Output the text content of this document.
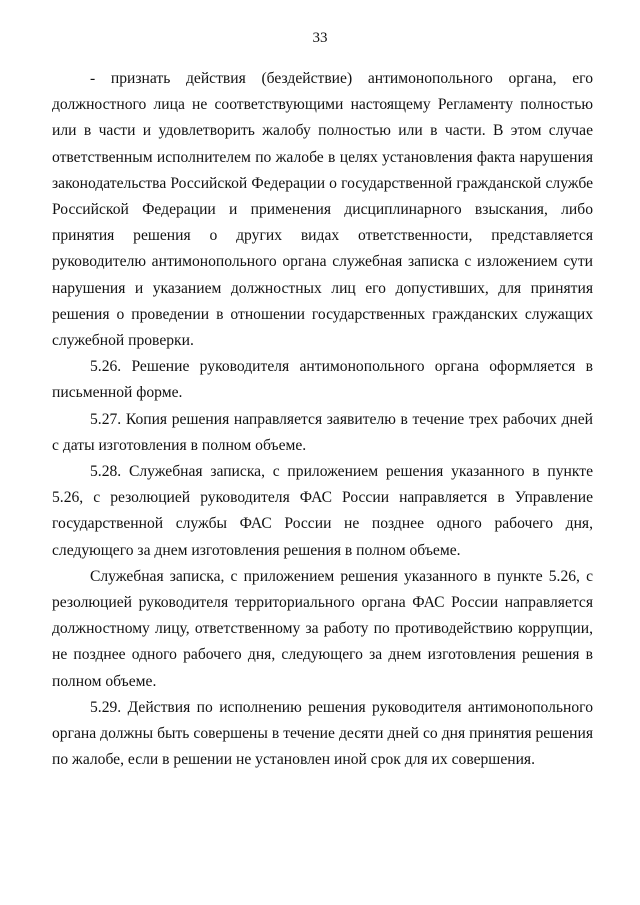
33

- признать действия (бездействие) антимонопольного органа, его должностного лица не соответствующими настоящему Регламенту полностью или в части и удовлетворить жалобу полностью или в части. В этом случае ответственным исполнителем по жалобе в целях установления факта нарушения законодательства Российской Федерации о государственной гражданской службе Российской Федерации и применения дисциплинарного взыскания, либо принятия решения о других видах ответственности, представляется руководителю антимонопольного органа служебная записка с изложением сути нарушения и указанием должностных лиц его допустивших, для принятия решения о проведении в отношении государственных гражданских служащих служебной проверки.

5.26. Решение руководителя антимонопольного органа оформляется в письменной форме.

5.27. Копия решения направляется заявителю в течение трех рабочих дней с даты изготовления в полном объеме.

5.28. Служебная записка, с приложением решения указанного в пункте 5.26, с резолюцией руководителя ФАС России направляется в Управление государственной службы ФАС России не позднее одного рабочего дня, следующего за днем изготовления решения в полном объеме.

Служебная записка, с приложением решения указанного в пункте 5.26, с резолюцией руководителя территориального органа ФАС России направляется должностному лицу, ответственному за работу по противодействию коррупции, не позднее одного рабочего дня, следующего за днем изготовления решения в полном объеме.

5.29. Действия по исполнению решения руководителя антимонопольного органа должны быть совершены в течение десяти дней со дня принятия решения по жалобе, если в решении не установлен иной срок для их совершения.
